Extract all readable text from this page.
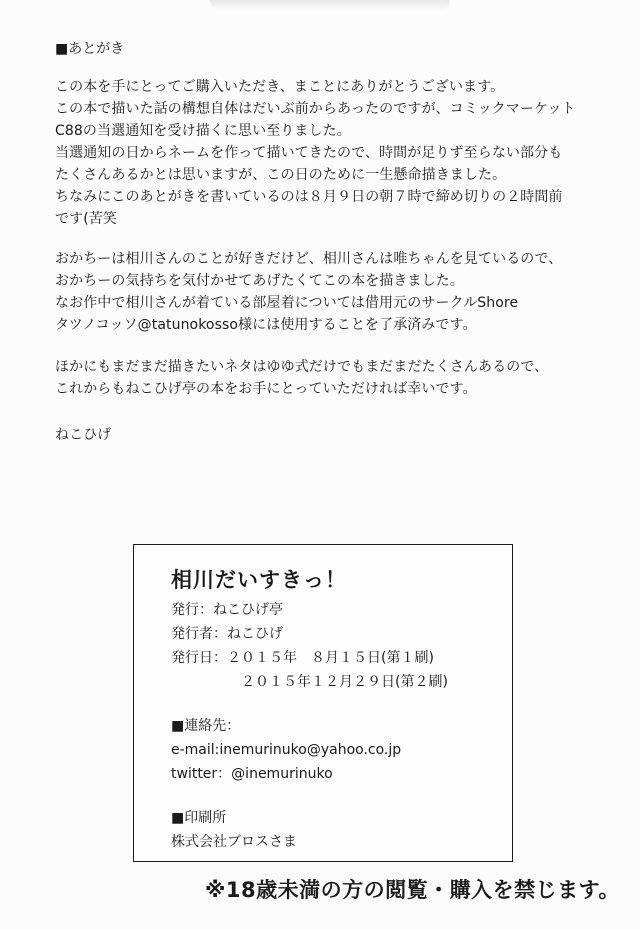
■あとがき
この本を手にとってご購入いただき、まことにありがとうございます。
この本で描いた話の構想自体はだいぶ前からあったのですが、コミックマーケット
C88の当選通知を受け描くに思い至りました。
当選通知の日からネームを作って描いてきたので、時間が足りず至らない部分も
たくさんあるかとは思いますが、この日のために一生懸命描きました。
ちなみにこのあとがきを書いているのは８月９日の朝７時で締め切りの２時間前
です(苦笑
おかちーは相川さんのことが好きだけど、相川さんは唯ちゃんを見ているので、
おかちーの気持ちを気付かせてあげたくてこの本を描きました。
なお作中で相川さんが着ている部屋着については借用元のサークルShore
タツノコッソ@tatunokosso様には使用することを了承済みです。
ほかにもまだまだ描きたいネタはゆゆ式だけでもまだまだたくさんあるので、
これからもねこひげ亭の本をお手にとっていただければ幸いです。
ねこひげ
相川だいすきっ！
発行：ねこひげ亭
発行者：ねこひげ
発行日：２０１５年　８月１５日(第１刷)
２０１５年１２月２９日(第２刷)
■連絡先：
e-mail:inemurinuko@yahoo.co.jp
twitter：@inemurinuko
■印刷所
株式会社ブロスさま
※18歳未満の方の閲覧・購入を禁じます。
